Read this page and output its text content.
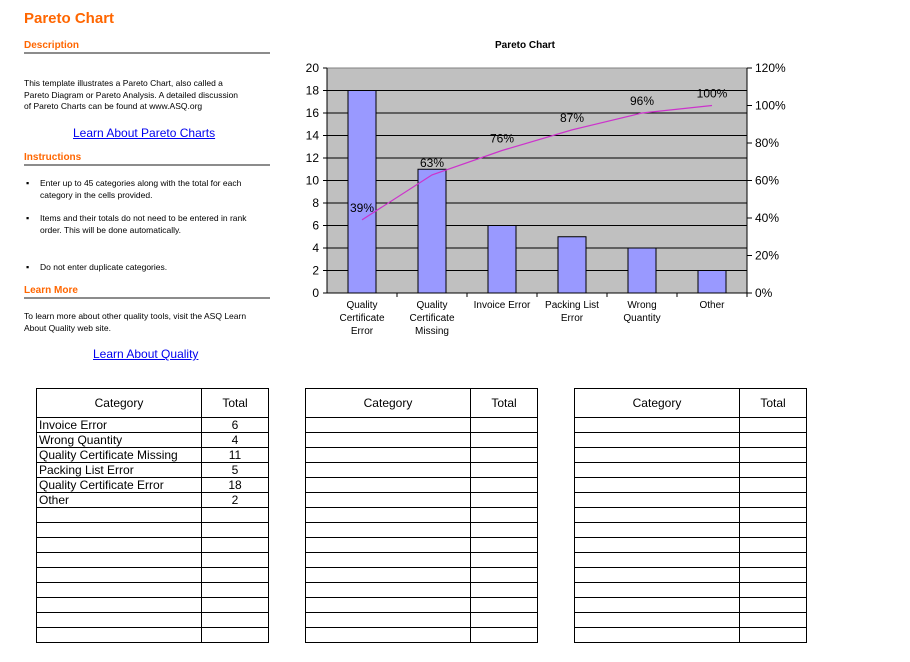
Pareto Chart
Description
This template illustrates a Pareto Chart, also called a
Pareto Diagram or Pareto Analysis. A detailed discussion
of Pareto Charts can be found at www.ASQ.org
Learn About Pareto Charts
Instructions
▪	Enter up to 45 categories along with the total for each
category in the cells provided.
▪	Items and their totals do not need to be entered in rank
order. This will be done automatically.
▪	Do not enter duplicate categories.
Learn More
To learn more about other quality tools, visit the ASQ Learn
About Quality web site.
Learn About Quality
Pareto Chart
0
2
4
6
8
10
12
14
16
18
20
0%
20%
40%
60%
80%
100%
120%
Quality
Certificate
Error
Quality
Certificate
Missing
Invoice Error Packing List
Error
Wrong
Quantity
Other
39%
63%
76%
87%
96%
100%
Category	Total
Invoice Error	6
Wrong Quantity	4
Quality Certificate Missing	11
Packing List Error	5
Quality Certificate Error	18
Other	2

Category	Total

		Category	Total
